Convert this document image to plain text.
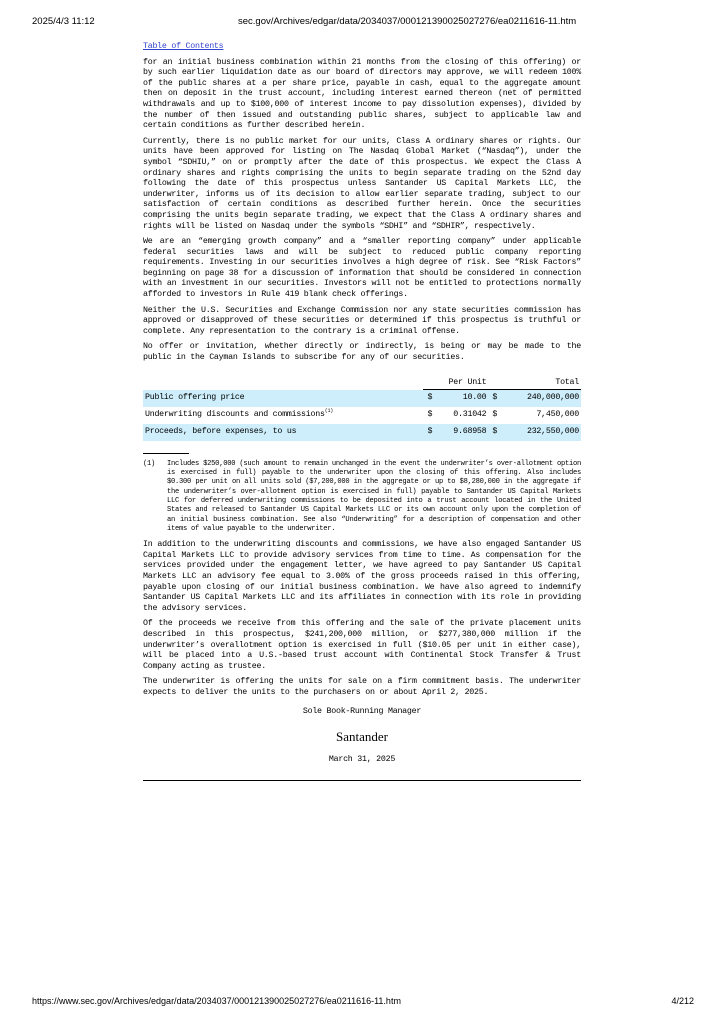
2025/4/3 11:12	sec.gov/Archives/edgar/data/2034037/000121390025027276/ea0211616-11.htm
Table of Contents

for an initial business combination within 21 months from the closing of this offering) or by such earlier liquidation date as our board of directors may approve, we will redeem 100% of the public shares at a per share price, payable in cash, equal to the aggregate amount then on deposit in the trust account, including interest earned thereon (net of permitted withdrawals and up to $100,000 of interest income to pay dissolution expenses), divided by the number of then issued and outstanding public shares, subject to applicable law and certain conditions as further described herein.

Currently, there is no public market for our units, Class A ordinary shares or rights. Our units have been approved for listing on The Nasdaq Global Market (“Nasdaq”), under the symbol “SDHIU,” on or promptly after the date of this prospectus. We expect the Class A ordinary shares and rights comprising the units to begin separate trading on the 52nd day following the date of this prospectus unless Santander US Capital Markets LLC, the underwriter, informs us of its decision to allow earlier separate trading, subject to our satisfaction of certain conditions as described further herein. Once the securities comprising the units begin separate trading, we expect that the Class A ordinary shares and rights will be listed on Nasdaq under the symbols “SDHI” and “SDHIR”, respectively.

We are an “emerging growth company” and a “smaller reporting company” under applicable federal securities laws and will be subject to reduced public company reporting requirements. Investing in our securities involves a high degree of risk. See “Risk Factors” beginning on page 38 for a discussion of information that should be considered in connection with an investment in our securities. Investors will not be entitled to protections normally afforded to investors in Rule 419 blank check offerings.

Neither the U.S. Securities and Exchange Commission nor any state securities commission has approved or disapproved of these securities or determined if this prospectus is truthful or complete. Any representation to the contrary is a criminal offense.

No offer or invitation, whether directly or indirectly, is being or may be made to the public in the Cayman Islands to subscribe for any of our securities.

	Per Unit		Total	
Public offering price	$	10.00	$	240,000,000
Underwriting discounts and commissions$^{(1)}$	$	0.31042	$	7,450,000
Proceeds, before expenses, to us	$	9.68958	$	232,550,000
(1)	Includes $250,000 (such amount to remain unchanged in the event the underwriter’s over-allotment option is exercised in full) payable to the underwriter upon the closing of this offering. Also includes $0.300 per unit on all units sold ($7,200,000 in the aggregate or up to $8,280,000 in the aggregate if the underwriter’s over-allotment option is exercised in full) payable to Santander US Capital Markets LLC for deferred underwriting commissions to be deposited into a trust account located in the United States and released to Santander US Capital Markets LLC or its own account only upon the completion of an initial business combination. See also “Underwriting” for a description of compensation and other items of value payable to the underwriter.

In addition to the underwriting discounts and commissions, we have also engaged Santander US Capital Markets LLC to provide advisory services from time to time. As compensation for the services provided under the engagement letter, we have agreed to pay Santander US Capital Markets LLC an advisory fee equal to 3.00% of the gross proceeds raised in this offering, payable upon closing of our initial business combination. We have also agreed to indemnify Santander US Capital Markets LLC and its affiliates in connection with its role in providing the advisory services.

Of the proceeds we receive from this offering and the sale of the private placement units described in this prospectus, $241,200,000 million, or $277,380,000 million if the underwriter’s overallotment option is exercised in full ($10.05 per unit in either case), will be placed into a U.S.-based trust account with Continental Stock Transfer & Trust Company acting as trustee.

The underwriter is offering the units for sale on a firm commitment basis. The underwriter expects to deliver the units to the purchasers on or about April 2, 2025.

Sole Book-Running Manager
Santander
March 31, 2025
https://www.sec.gov/Archives/edgar/data/2034037/000121390025027276/ea0211616-11.htm	4/212
